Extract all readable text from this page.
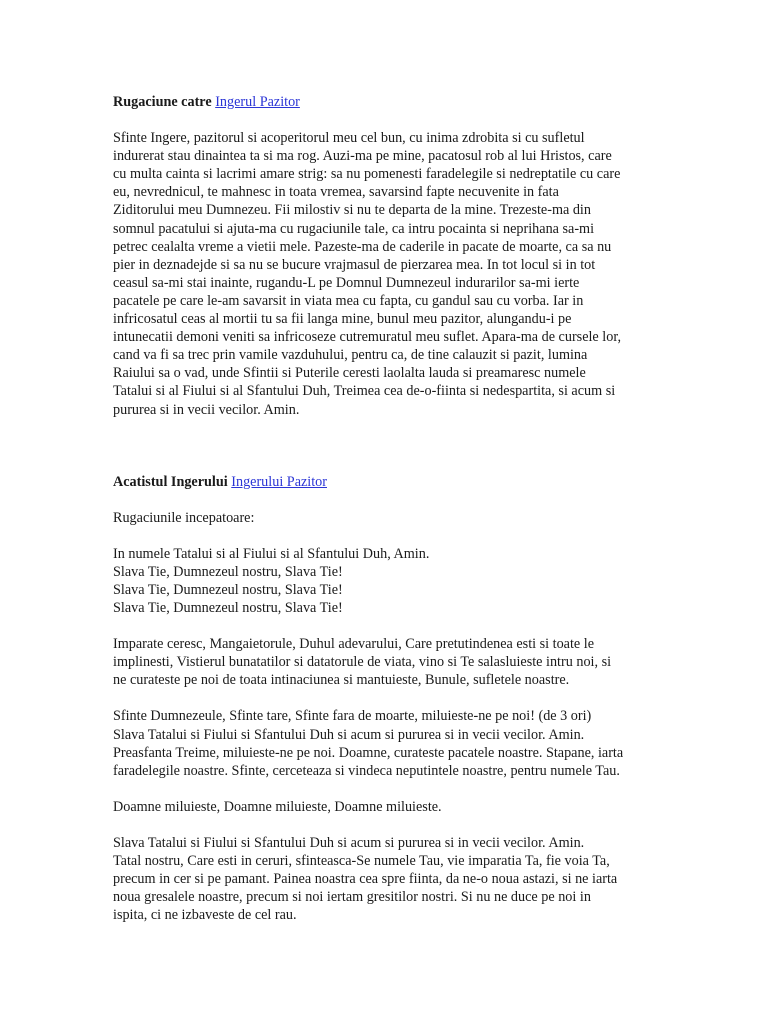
Rugaciune catre Ingerul Pazitor

Sfinte Ingere, pazitorul si acoperitorul meu cel bun, cu inima zdrobita si cu sufletul
indurerat stau dinaintea ta si ma rog. Auzi-ma pe mine, pacatosul rob al lui Hristos, care
cu multa cainta si lacrimi amare strig: sa nu pomenesti faradelegile si nedreptatile cu care
eu, nevrednicul, te mahnesc in toata vremea, savarsind fapte necuvenite in fata
Ziditorului meu Dumnezeu. Fii milostiv si nu te departa de la mine. Trezeste-ma din
somnul pacatului si ajuta-ma cu rugaciunile tale, ca intru pocainta si neprihana sa-mi
petrec cealalta vreme a vietii mele. Pazeste-ma de caderile in pacate de moarte, ca sa nu
pier in deznadejde si sa nu se bucure vrajmasul de pierzarea mea. In tot locul si in tot
ceasul sa-mi stai inainte, rugandu-L pe Domnul Dumnezeul indurarilor sa-mi ierte
pacatele pe care le-am savarsit in viata mea cu fapta, cu gandul sau cu vorba. Iar in
infricosatul ceas al mortii tu sa fii langa mine, bunul meu pazitor, alungandu-i pe
intunecatii demoni veniti sa infricoseze cutremuratul meu suflet. Apara-ma de cursele lor,
cand va fi sa trec prin vamile vazduhului, pentru ca, de tine calauzit si pazit, lumina
Raiului sa o vad, unde Sfintii si Puterile ceresti laolalta lauda si preamaresc numele
Tatalui si al Fiului si al Sfantului Duh, Treimea cea de-o-fiinta si nedespartita, si acum si
pururea si in vecii vecilor. Amin.

Acatistul Ingerului Ingerului Pazitor

Rugaciunile incepatoare:

In numele Tatalui si al Fiului si al Sfantului Duh, Amin.
Slava Tie, Dumnezeul nostru, Slava Tie!
Slava Tie, Dumnezeul nostru, Slava Tie!
Slava Tie, Dumnezeul nostru, Slava Tie!

Imparate ceresc, Mangaietorule, Duhul adevarului, Care pretutindenea esti si toate le
implinesti, Vistierul bunatatilor si datatorule de viata, vino si Te salasluieste intru noi, si
ne curateste pe noi de toata intinaciunea si mantuieste, Bunule, sufletele noastre.

Sfinte Dumnezeule, Sfinte tare, Sfinte fara de moarte, miluieste-ne pe noi! (de 3 ori)
Slava Tatalui si Fiului si Sfantului Duh si acum si pururea si in vecii vecilor. Amin.
Preasfanta Treime, miluieste-ne pe noi. Doamne, curateste pacatele noastre. Stapane, iarta
faradelegile noastre. Sfinte, cerceteaza si vindeca neputintele noastre, pentru numele Tau.

Doamne miluieste, Doamne miluieste, Doamne miluieste.

Slava Tatalui si Fiului si Sfantului Duh si acum si pururea si in vecii vecilor. Amin.
Tatal nostru, Care esti in ceruri, sfinteasca-Se numele Tau, vie imparatia Ta, fie voia Ta,
precum in cer si pe pamant. Painea noastra cea spre fiinta, da ne-o noua astazi, si ne iarta
noua gresalele noastre, precum si noi iertam gresitilor nostri. Si nu ne duce pe noi in
ispita, ci ne izbaveste de cel rau.
